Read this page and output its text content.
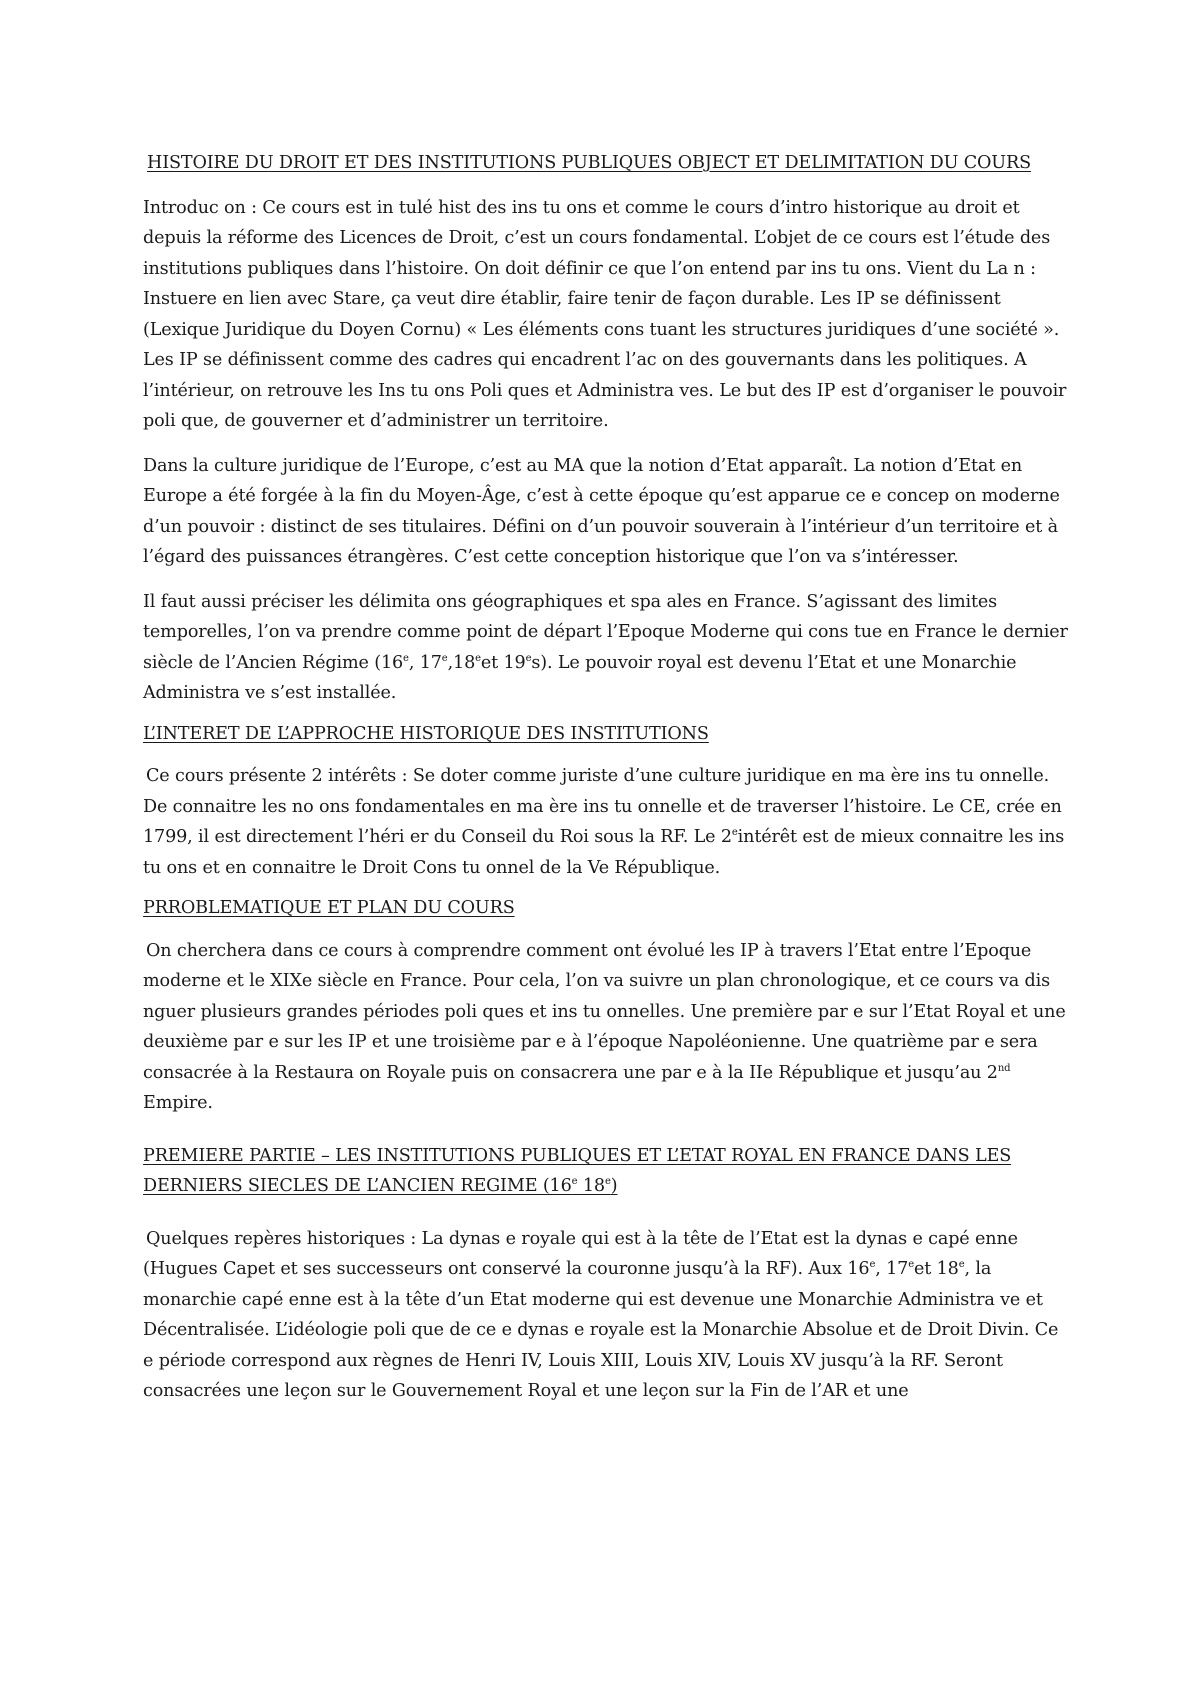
HISTOIRE DU DROIT ET DES INSTITUTIONS PUBLIQUES OBJECT ET DELIMITATION DU COURS

Introduc on : Ce cours est in tulé hist des ins tu ons et comme le cours d’intro historique au droit et depuis la réforme des Licences de Droit, c’est un cours fondamental. L’objet de ce cours est l’étude des institutions publiques dans l’histoire. On doit définir ce que l’on entend par ins tu ons. Vient du La n : Instuere en lien avec Stare, ça veut dire établir, faire tenir de façon durable. Les IP se définissent (Lexique Juridique du Doyen Cornu) « Les éléments cons tuant les structures juridiques d’une société ». Les IP se définissent comme des cadres qui encadrent l’ac on des gouvernants dans les politiques. A l’intérieur, on retrouve les Ins tu ons Poli ques et Administra ves. Le but des IP est d’organiser le pouvoir poli que, de gouverner et d’administrer un territoire.

Dans la culture juridique de l’Europe, c’est au MA que la notion d’Etat apparaît. La notion d’Etat en Europe a été forgée à la fin du Moyen-Âge, c’est à cette époque qu’est apparue ce e concep on moderne d’un pouvoir : distinct de ses titulaires. Défini on d’un pouvoir souverain à l’intérieur d’un territoire et à l’égard des puissances étrangères. C’est cette conception historique que l’on va s’intéresser.

Il faut aussi préciser les délimita ons géographiques et spa ales en France. S’agissant des limites temporelles, l’on va prendre comme point de départ l’Epoque Moderne qui cons tue en France le dernier siècle de l’Ancien Régime (16e, 17e,18eet 19es). Le pouvoir royal est devenu l’Etat et une Monarchie Administra ve s’est installée.

L’INTERET DE L’APPROCHE HISTORIQUE DES INSTITUTIONS

Ce cours présente 2 intérêts : Se doter comme juriste d’une culture juridique en ma ère ins tu onnelle. De connaitre les no ons fondamentales en ma ère ins tu onnelle et de traverser l’histoire. Le CE, crée en 1799, il est directement l’héri er du Conseil du Roi sous la RF. Le 2eintérêt est de mieux connaitre les ins tu ons et en connaitre le Droit Cons tu onnel de la Ve République.

PRROBLEMATIQUE ET PLAN DU COURS

On cherchera dans ce cours à comprendre comment ont évolué les IP à travers l’Etat entre l’Epoque moderne et le XIXe siècle en France. Pour cela, l’on va suivre un plan chronologique, et ce cours va dis nguer plusieurs grandes périodes poli ques et ins tu onnelles. Une première par e sur l’Etat Royal et une deuxième par e sur les IP et une troisième par e à l’époque Napoléonienne. Une quatrième par e sera consacrée à la Restaura on Royale puis on consacrera une par e à la IIe République et jusqu’au 2nd Empire.

PREMIERE PARTIE – LES INSTITUTIONS PUBLIQUES ET L’ETAT ROYAL EN FRANCE DANS LES DERNIERS SIECLES DE L’ANCIEN REGIME (16e 18e)

Quelques repères historiques : La dynas e royale qui est à la tête de l’Etat est la dynas e capé enne (Hugues Capet et ses successeurs ont conservé la couronne jusqu’à la RF). Aux 16e, 17eet 18e, la monarchie capé enne est à la tête d’un Etat moderne qui est devenue une Monarchie Administra ve et Décentralisée. L’idéologie poli que de ce e dynas e royale est la Monarchie Absolue et de Droit Divin. Ce e période correspond aux règnes de Henri IV, Louis XIII, Louis XIV, Louis XV jusqu’à la RF. Seront consacrées une leçon sur le Gouvernement Royal et une leçon sur la Fin de l’AR et une
